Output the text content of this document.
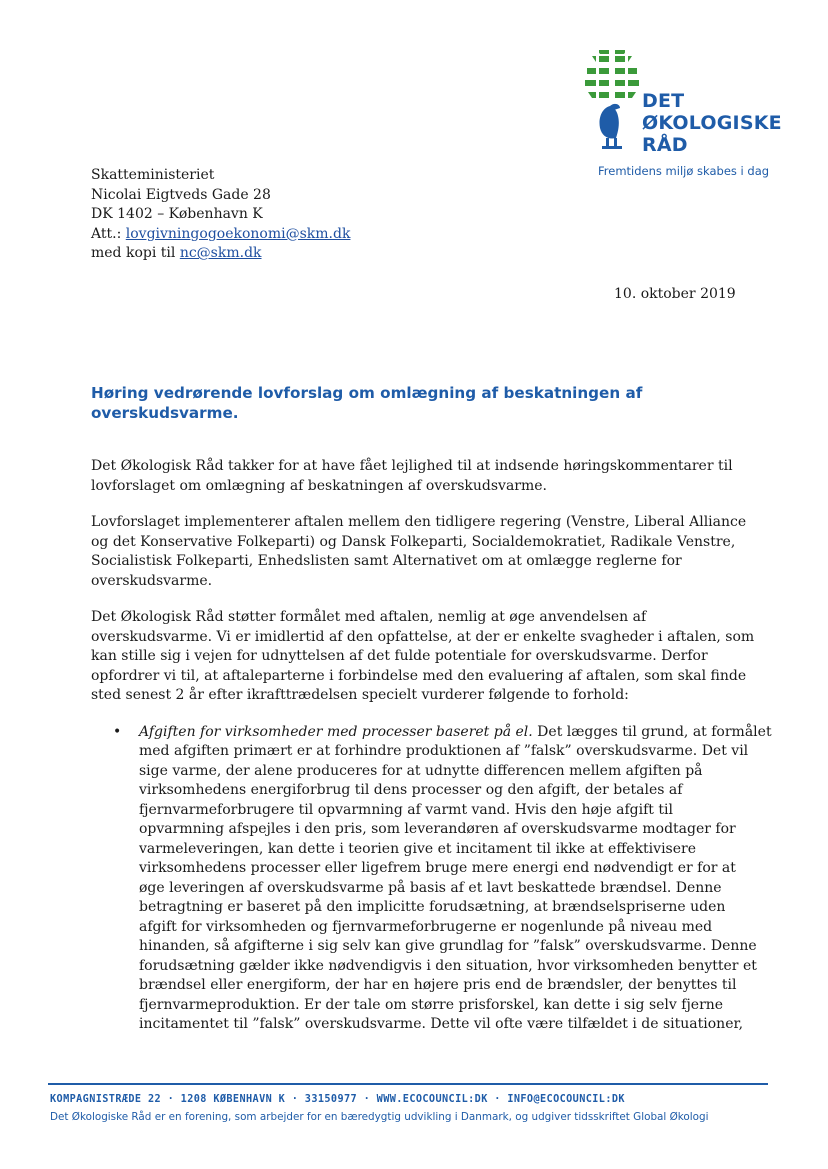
DET
ØKOLOGISKE
RÅD
Fremtidens miljø skabes i dag
Skatteministeriet
Nicolai Eigtveds Gade 28
DK 1402 – København K
Att.: lovgivningogoekonomi@skm.dk
med kopi til nc@skm.dk
10. oktober 2019
Høring vedrørende lovforslag om omlægning af beskatningen af overskudsvarme.

Det Økologisk Råd takker for at have fået lejlighed til at indsende høringskommentarer til
lovforslaget om omlægning af beskatningen af overskudsvarme.

Lovforslaget implementerer aftalen mellem den tidligere regering (Venstre, Liberal Alliance
og det Konservative Folkeparti) og Dansk Folkeparti, Socialdemokratiet, Radikale Venstre,
Socialistisk Folkeparti, Enhedslisten samt Alternativet om at omlægge reglerne for
overskudsvarme.

Det Økologisk Råd støtter formålet med aftalen, nemlig at øge anvendelsen af
overskudsvarme. Vi er imidlertid af den opfattelse, at der er enkelte svagheder i aftalen, som
kan stille sig i vejen for udnyttelsen af det fulde potentiale for overskudsvarme. Derfor
opfordrer vi til, at aftaleparterne i forbindelse med den evaluering af aftalen, som skal finde
sted senest 2 år efter ikrafttrædelsen specielt vurderer følgende to forhold:

• Afgiften for virksomheder med processer baseret på el. Det lægges til grund, at formålet
med afgiften primært er at forhindre produktionen af ”falsk” overskudsvarme. Det vil
sige varme, der alene produceres for at udnytte differencen mellem afgiften på
virksomhedens energiforbrug til dens processer og den afgift, der betales af
fjernvarmeforbrugere til opvarmning af varmt vand. Hvis den høje afgift til
opvarmning afspejles i den pris, som leverandøren af overskudsvarme modtager for
varmeleveringen, kan dette i teorien give et incitament til ikke at effektivisere
virksomhedens processer eller ligefrem bruge mere energi end nødvendigt er for at
øge leveringen af overskudsvarme på basis af et lavt beskattede brændsel. Denne
betragtning er baseret på den implicitte forudsætning, at brændselspriserne uden
afgift for virksomheden og fjernvarmeforbrugerne er nogenlunde på niveau med
hinanden, så afgifterne i sig selv kan give grundlag for ”falsk” overskudsvarme. Denne
forudsætning gælder ikke nødvendigvis i den situation, hvor virksomheden benytter et
brændsel eller energiform, der har en højere pris end de brændsler, der benyttes til
fjernvarmeproduktion. Er der tale om større prisforskel, kan dette i sig selv fjerne
incitamentet til ”falsk” overskudsvarme. Dette vil ofte være tilfældet i de situationer,
KOMPAGNISTRÆDE 22 · 1208 KØBENHAVN K · 33150977 · WWW.ECOCOUNCIL:DK · INFO@ECOCOUNCIL:DK
Det Økologiske Råd er en forening, som arbejder for en bæredygtig udvikling i Danmark, og udgiver tidsskriftet Global Økologi
